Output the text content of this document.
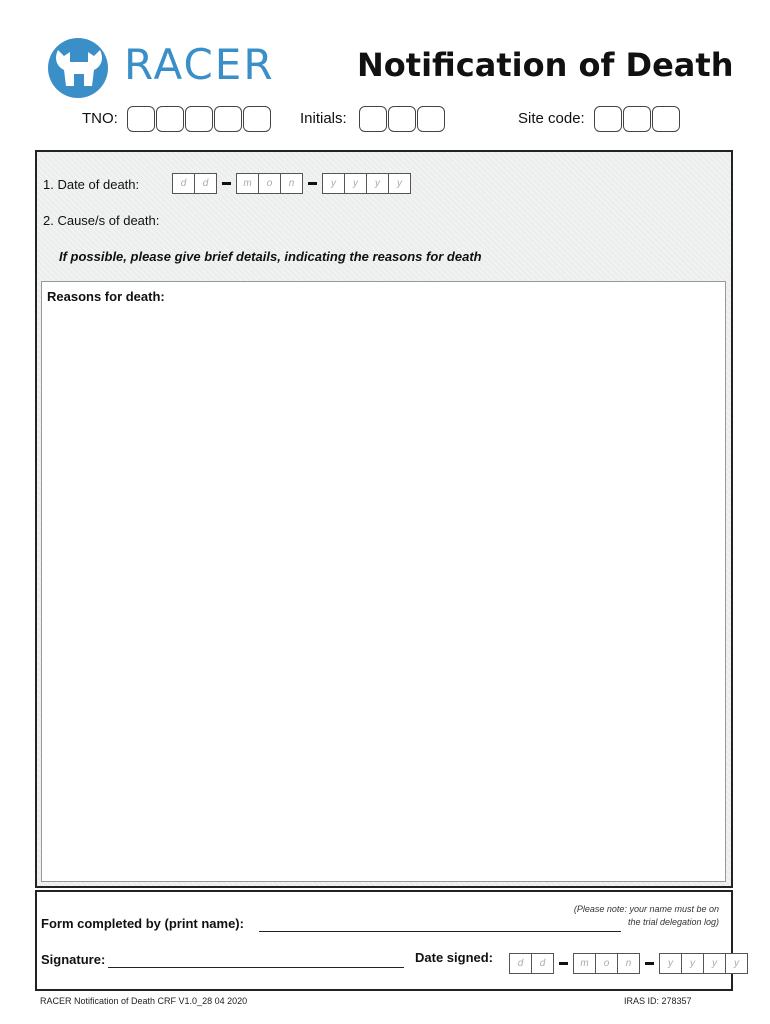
RACER	Notification of Death
TNO:	Initials:	Site code:
1. Date of death:	d	d	m	o	n	y	y	y	y
2. Cause/s of death:
If possible, please give brief details, indicating the reasons for death
Reasons for death:
(Please note: your name must be on the trial delegation log)
Form completed by (print name):
Signature:	Date signed:	d	d	m	o	n	y	y	y	y
RACER Notification of Death CRF V1.0_28 04 2020	IRAS ID: 278357
